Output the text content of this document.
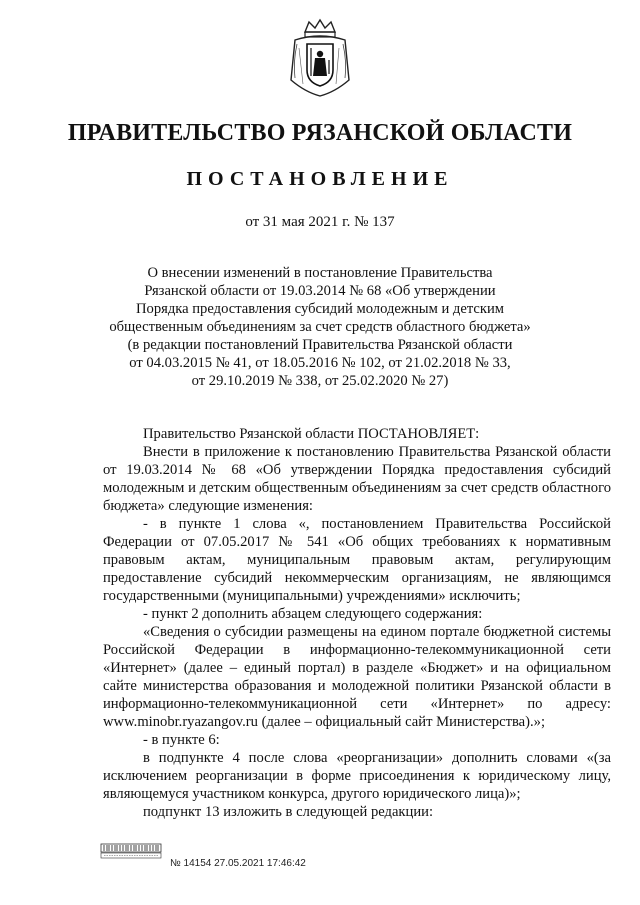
ПРАВИТЕЛЬСТВО РЯЗАНСКОЙ ОБЛАСТИ
ПОСТАНОВЛЕНИЕ
от 31 мая 2021 г. № 137
О внесении изменений в постановление Правительства
Рязанской области от 19.03.2014 № 68 «Об утверждении
Порядка предоставления субсидий молодежным и детским
общественным объединениям за счет средств областного бюджета»
(в редакции постановлений Правительства Рязанской области
от 04.03.2015 № 41, от 18.05.2016 № 102, от 21.02.2018 № 33,
от 29.10.2019 № 338, от 25.02.2020 № 27)
Правительство Рязанской области ПОСТАНОВЛЯЕТ:
Внести в приложение к постановлению Правительства Рязанской области от 19.03.2014 № 68 «Об утверждении Порядка предоставления субсидий молодежным и детским общественным объединениям за счет средств областного бюджета» следующие изменения:
- в пункте 1 слова «, постановлением Правительства Российской Федерации от 07.05.2017 № 541 «Об общих требованиях к нормативным правовым актам, муниципальным правовым актам, регулирующим предоставление субсидий некоммерческим организациям, не являющимся государственными (муниципальными) учреждениями» исключить;
- пункт 2 дополнить абзацем следующего содержания:
«Сведения о субсидии размещены на едином портале бюджетной системы Российской Федерации в информационно-телекоммуникационной сети «Интернет» (далее – единый портал) в разделе «Бюджет» и на официальном сайте министерства образования и молодежной политики Рязанской области в информационно-телекоммуникационной сети «Интернет» по адресу: www.minobr.ryazangov.ru (далее – официальный сайт Министерства).»;
- в пункте 6:
в подпункте 4 после слова «реорганизации» дополнить словами «(за исключением реорганизации в форме присоединения к юридическому лицу, являющемуся участником конкурса, другого юридического лица)»;
подпункт 13 изложить в следующей редакции:
№ 14154 27.05.2021 17:46:42
